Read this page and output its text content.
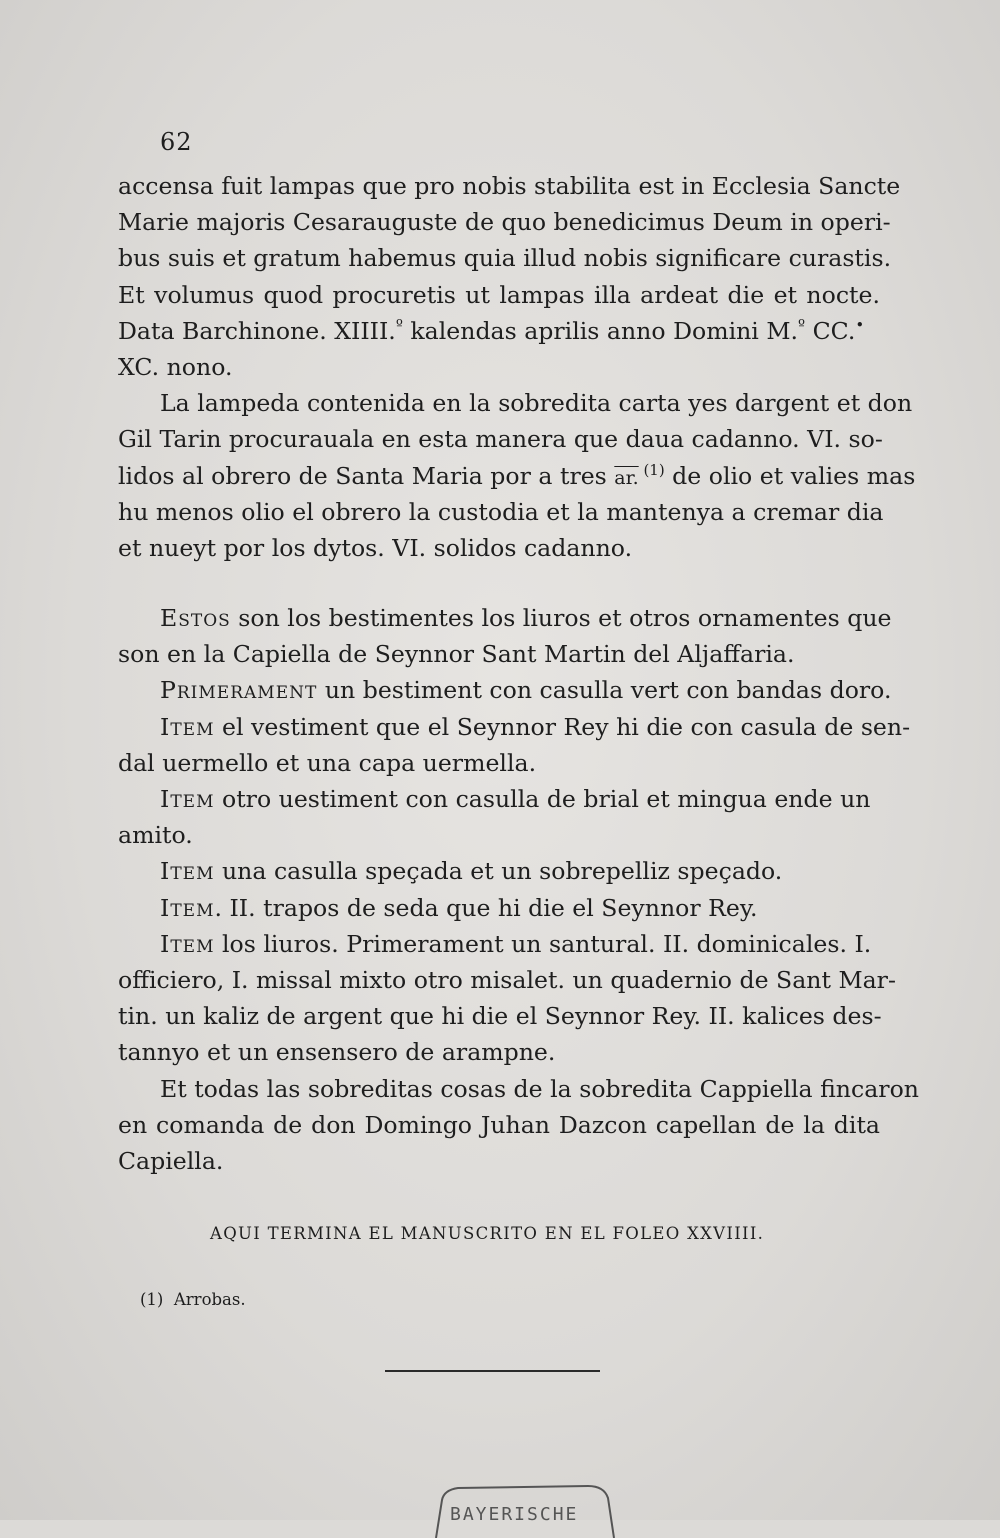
62
accensa fuit lampas que pro nobis stabilita est in Ecclesia Sancte
Marie majoris Cesarauguste de quo benedicimus Deum in operi-
bus suis et gratum habemus quia illud nobis significare curastis.
Et volumus quod procuretis ut lampas illa ardeat die et nocte.
Data Barchinone. XIIII.$^º$ kalendas aprilis anno Domini M.$^º$ CC.•
XC. nono.
La lampeda contenida en la sobredita carta yes dargent et don
Gil Tarin procurauala en esta manera que daua cadanno. VI. so-
lidos al obrero de Santa Maria por a tres ar. $^{(1)}$ de olio et valies mas
hu menos olio el obrero la custodia et la mantenya a cremar dia
et nueyt por los dytos. VI. solidos cadanno.
Estos son los bestimentes los liuros et otros ornamentes que
son en la Capiella de Seynnor Sant Martin del Aljaffaria.
Primerament un bestiment con casulla vert con bandas doro.
Item el vestiment que el Seynnor Rey hi die con casula de sen-
dal uermello et una capa uermella.
Item otro uestiment con casulla de brial et mingua ende un
amito.
Item una casulla speçada et un sobrepelliz speçado.
Item. II. trapos de seda que hi die el Seynnor Rey.
Item los liuros. Primerament un santural. II. dominicales. I.
officiero, I. missal mixto otro misalet. un quadernio de Sant Mar-
tin. un kaliz de argent que hi die el Seynnor Rey. II. kalices des-
tannyo et un ensensero de arampne.
Et todas las sobreditas cosas de la sobredita Cappiella fincaron
en comanda de don Domingo Juhan Dazcon capellan de la dita
Capiella.
AQUI TERMINA EL MANUSCRITO EN EL FOLEO XXVIIII.
(1) Arrobas.
BAYERISCHE
